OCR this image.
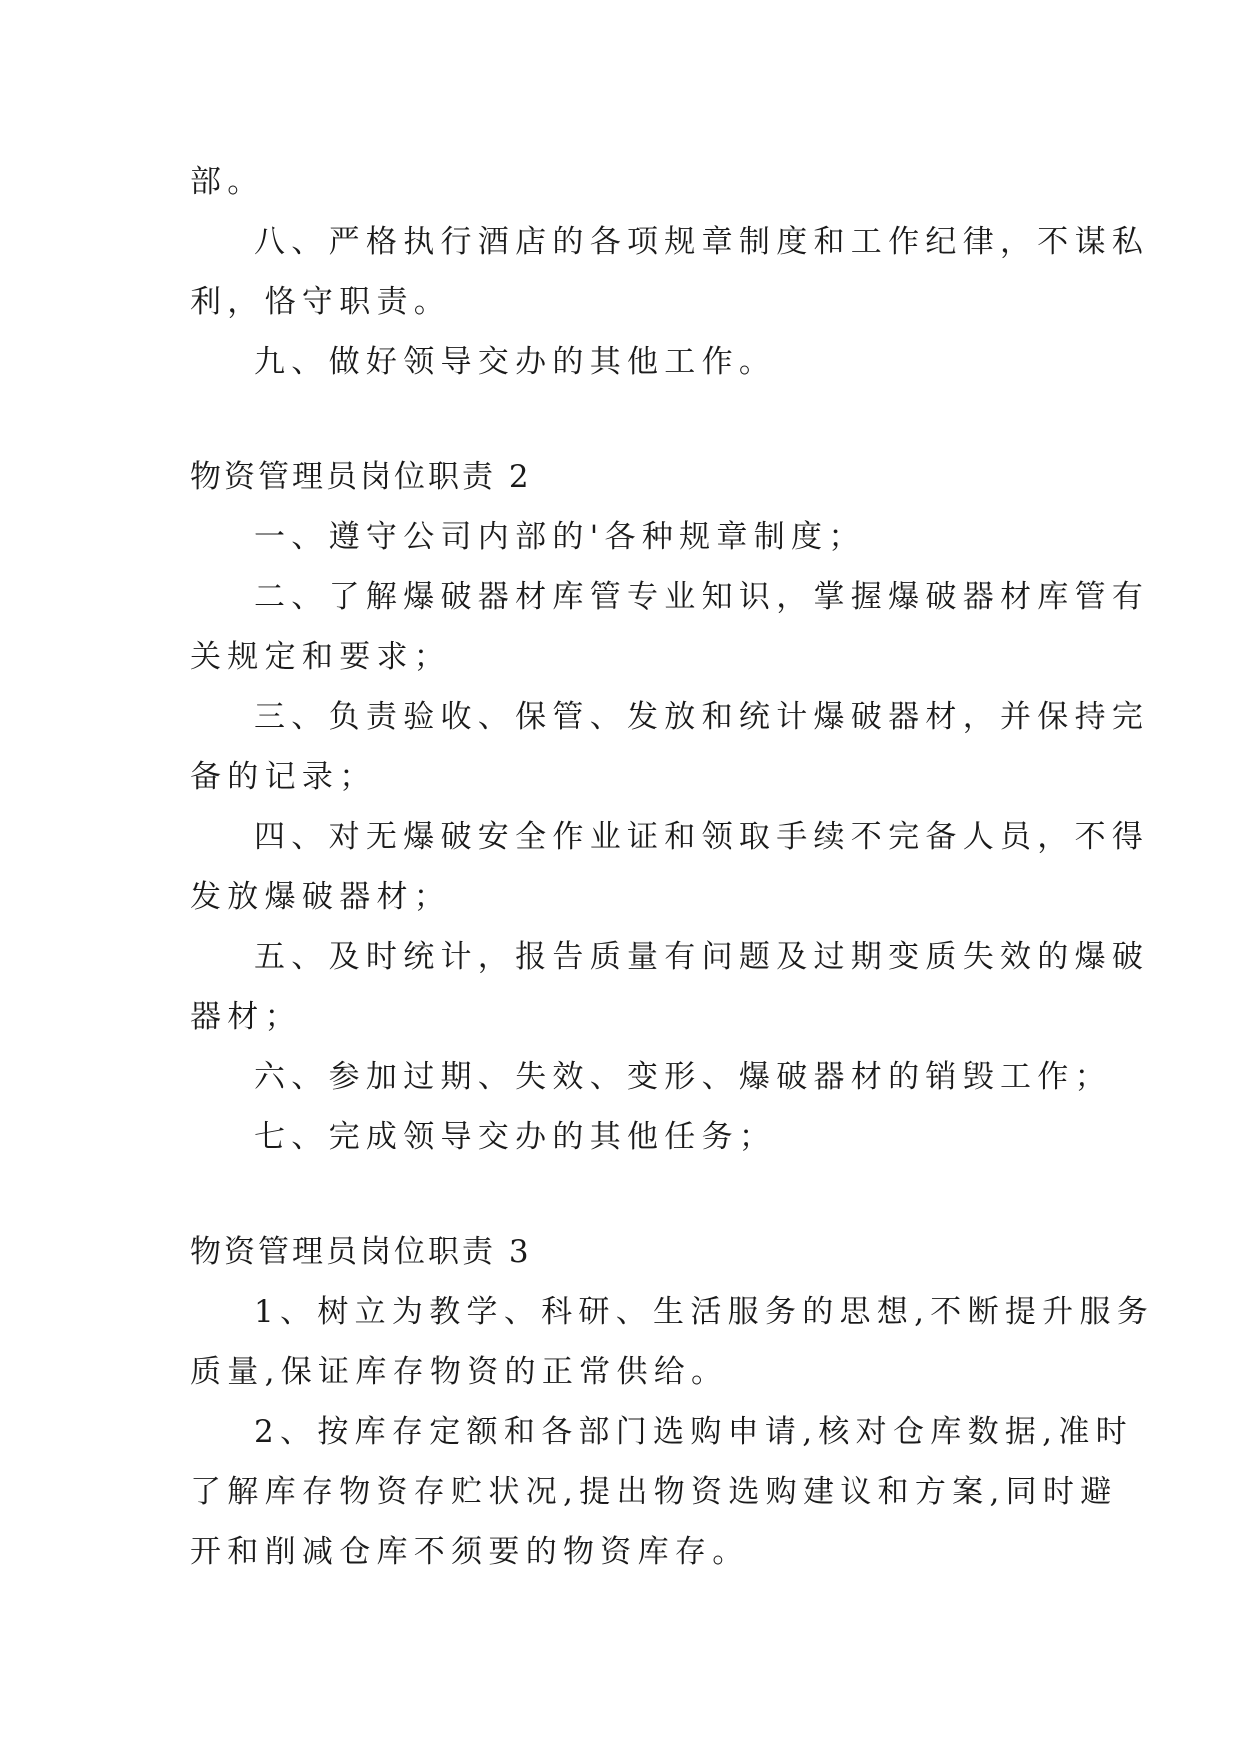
部。
八、严格执行酒店的各项规章制度和工作纪律，不谋私
利，恪守职责。
九、做好领导交办的其他工作。
物资管理员岗位职责 2
一、遵守公司内部的'各种规章制度；
二、了解爆破器材库管专业知识，掌握爆破器材库管有
关规定和要求；
三、负责验收、保管、发放和统计爆破器材，并保持完
备的记录；
四、对无爆破安全作业证和领取手续不完备人员，不得
发放爆破器材；
五、及时统计，报告质量有问题及过期变质失效的爆破
器材；
六、参加过期、失效、变形、爆破器材的销毁工作；
七、完成领导交办的其他任务；
物资管理员岗位职责 3
1、树立为教学、科研、生活服务的思想,不断提升服务
质量,保证库存物资的正常供给。
2、按库存定额和各部门选购申请,核对仓库数据,准时
了解库存物资存贮状况,提出物资选购建议和方案,同时避
开和削减仓库不须要的物资库存。
